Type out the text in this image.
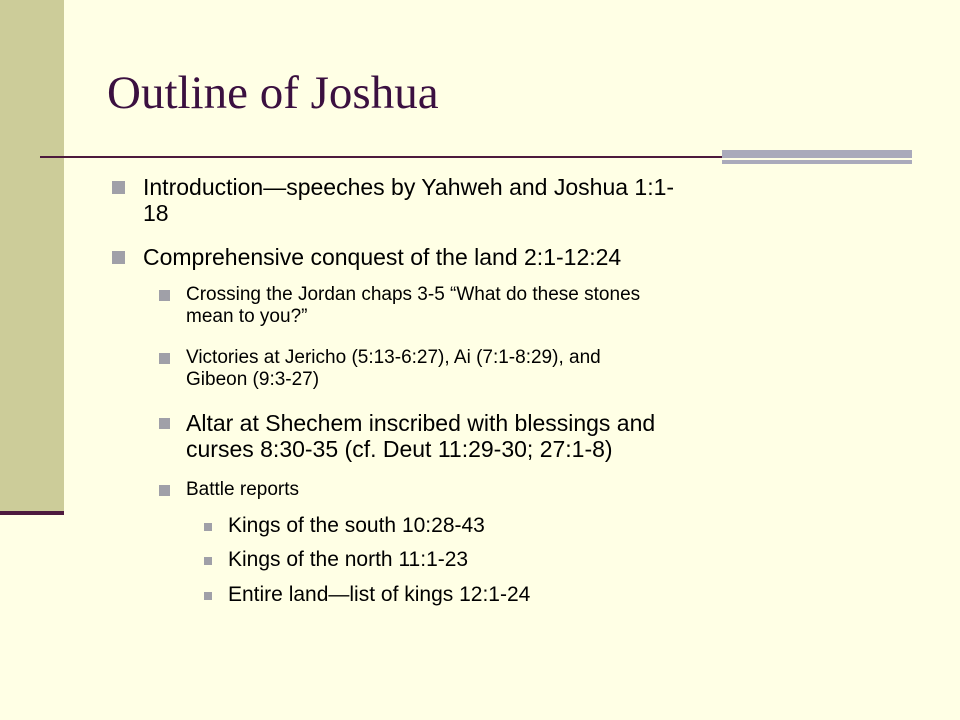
Outline of Joshua
Introduction—speeches by Yahweh and Joshua 1:1-
18
Comprehensive conquest of the land 2:1-12:24
Crossing the Jordan chaps 3-5 “What do these stones
mean to you?”
Victories at Jericho (5:13-6:27), Ai (7:1-8:29), and
Gibeon (9:3-27)
Altar at Shechem inscribed with blessings and
curses 8:30-35 (cf. Deut 11:29-30; 27:1-8)
Battle reports
Kings of the south 10:28-43
Kings of the north 11:1-23
Entire land—list of kings 12:1-24
